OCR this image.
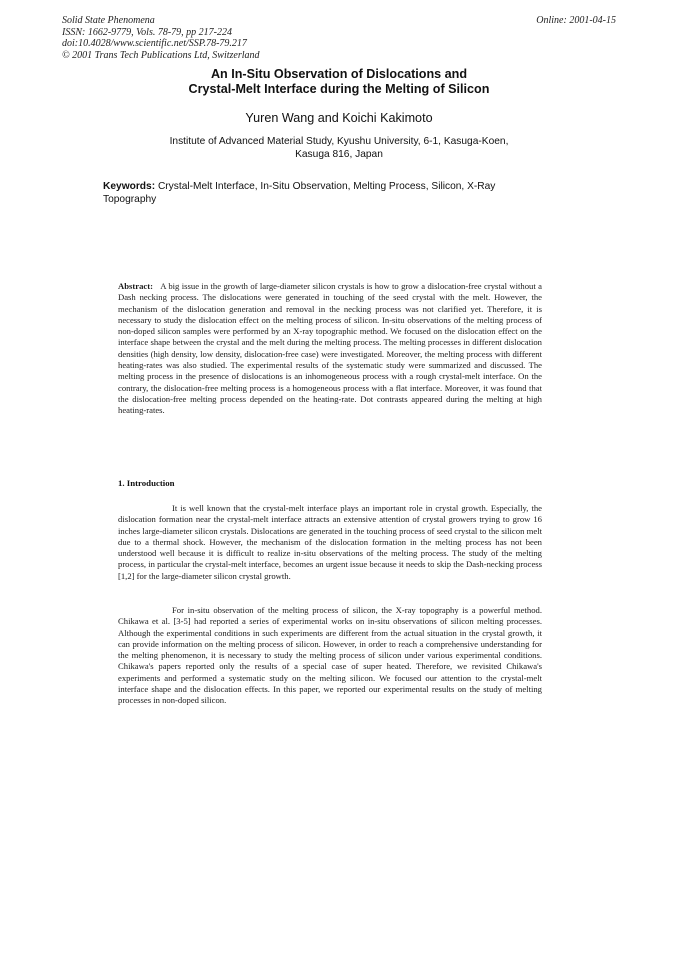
Solid State Phenomena
ISSN: 1662-9779, Vols. 78-79, pp 217-224
doi:10.4028/www.scientific.net/SSP.78-79.217
© 2001 Trans Tech Publications Ltd, Switzerland
Online: 2001-04-15
An In-Situ Observation of Dislocations and
Crystal-Melt Interface during the Melting of Silicon
Yuren Wang and Koichi Kakimoto
Institute of Advanced Material Study, Kyushu University, 6-1, Kasuga-Koen,
Kasuga 816, Japan
Keywords: Crystal-Melt Interface, In-Situ Observation, Melting Process, Silicon, X-Ray Topography
Abstract: A big issue in the growth of large-diameter silicon crystals is how to grow a dislocation-free crystal without a Dash necking process. The dislocations were generated in touching of the seed crystal with the melt. However, the mechanism of the dislocation generation and removal in the necking process was not clarified yet. Therefore, it is necessary to study the dislocation effect on the melting process of silicon. In-situ observations of the melting process of non-doped silicon samples were performed by an X-ray topographic method. We focused on the dislocation effect on the interface shape between the crystal and the melt during the melting process. The melting processes in different dislocation densities (high density, low density, dislocation-free case) were investigated. Moreover, the melting process with different heating-rates was also studied. The experimental results of the systematic study were summarized and discussed. The melting process in the presence of dislocations is an inhomogeneous process with a rough crystal-melt interface. On the contrary, the dislocation-free melting process is a homogeneous process with a flat interface. Moreover, it was found that the dislocation-free melting process depended on the heating-rate. Dot contrasts appeared during the melting at high heating-rates.
1. Introduction
It is well known that the crystal-melt interface plays an important role in crystal growth. Especially, the dislocation formation near the crystal-melt interface attracts an extensive attention of crystal growers trying to grow 16 inches large-diameter silicon crystals. Dislocations are generated in the touching process of seed crystal to the silicon melt due to a thermal shock. However, the mechanism of the dislocation formation in the melting process has not been understood well because it is difficult to realize in-situ observations of the melting process. The study of the melting process, in particular the crystal-melt interface, becomes an urgent issue because it needs to skip the Dash-necking process [1,2] for the large-diameter silicon crystal growth.
For in-situ observation of the melting process of silicon, the X-ray topography is a powerful method. Chikawa et al. [3-5] had reported a series of experimental works on in-situ observations of silicon melting processes. Although the experimental conditions in such experiments are different from the actual situation in the crystal growth, it can provide information on the melting process of silicon. However, in order to reach a comprehensive understanding for the melting phenomenon, it is necessary to study the melting process of silicon under various experimental conditions. Chikawa's papers reported only the results of a special case of super heated. Therefore, we revisited Chikawa's experiments and performed a systematic study on the melting silicon. We focused our attention to the crystal-melt interface shape and the dislocation effects. In this paper, we reported our experimental results on the study of melting processes in non-doped silicon.
